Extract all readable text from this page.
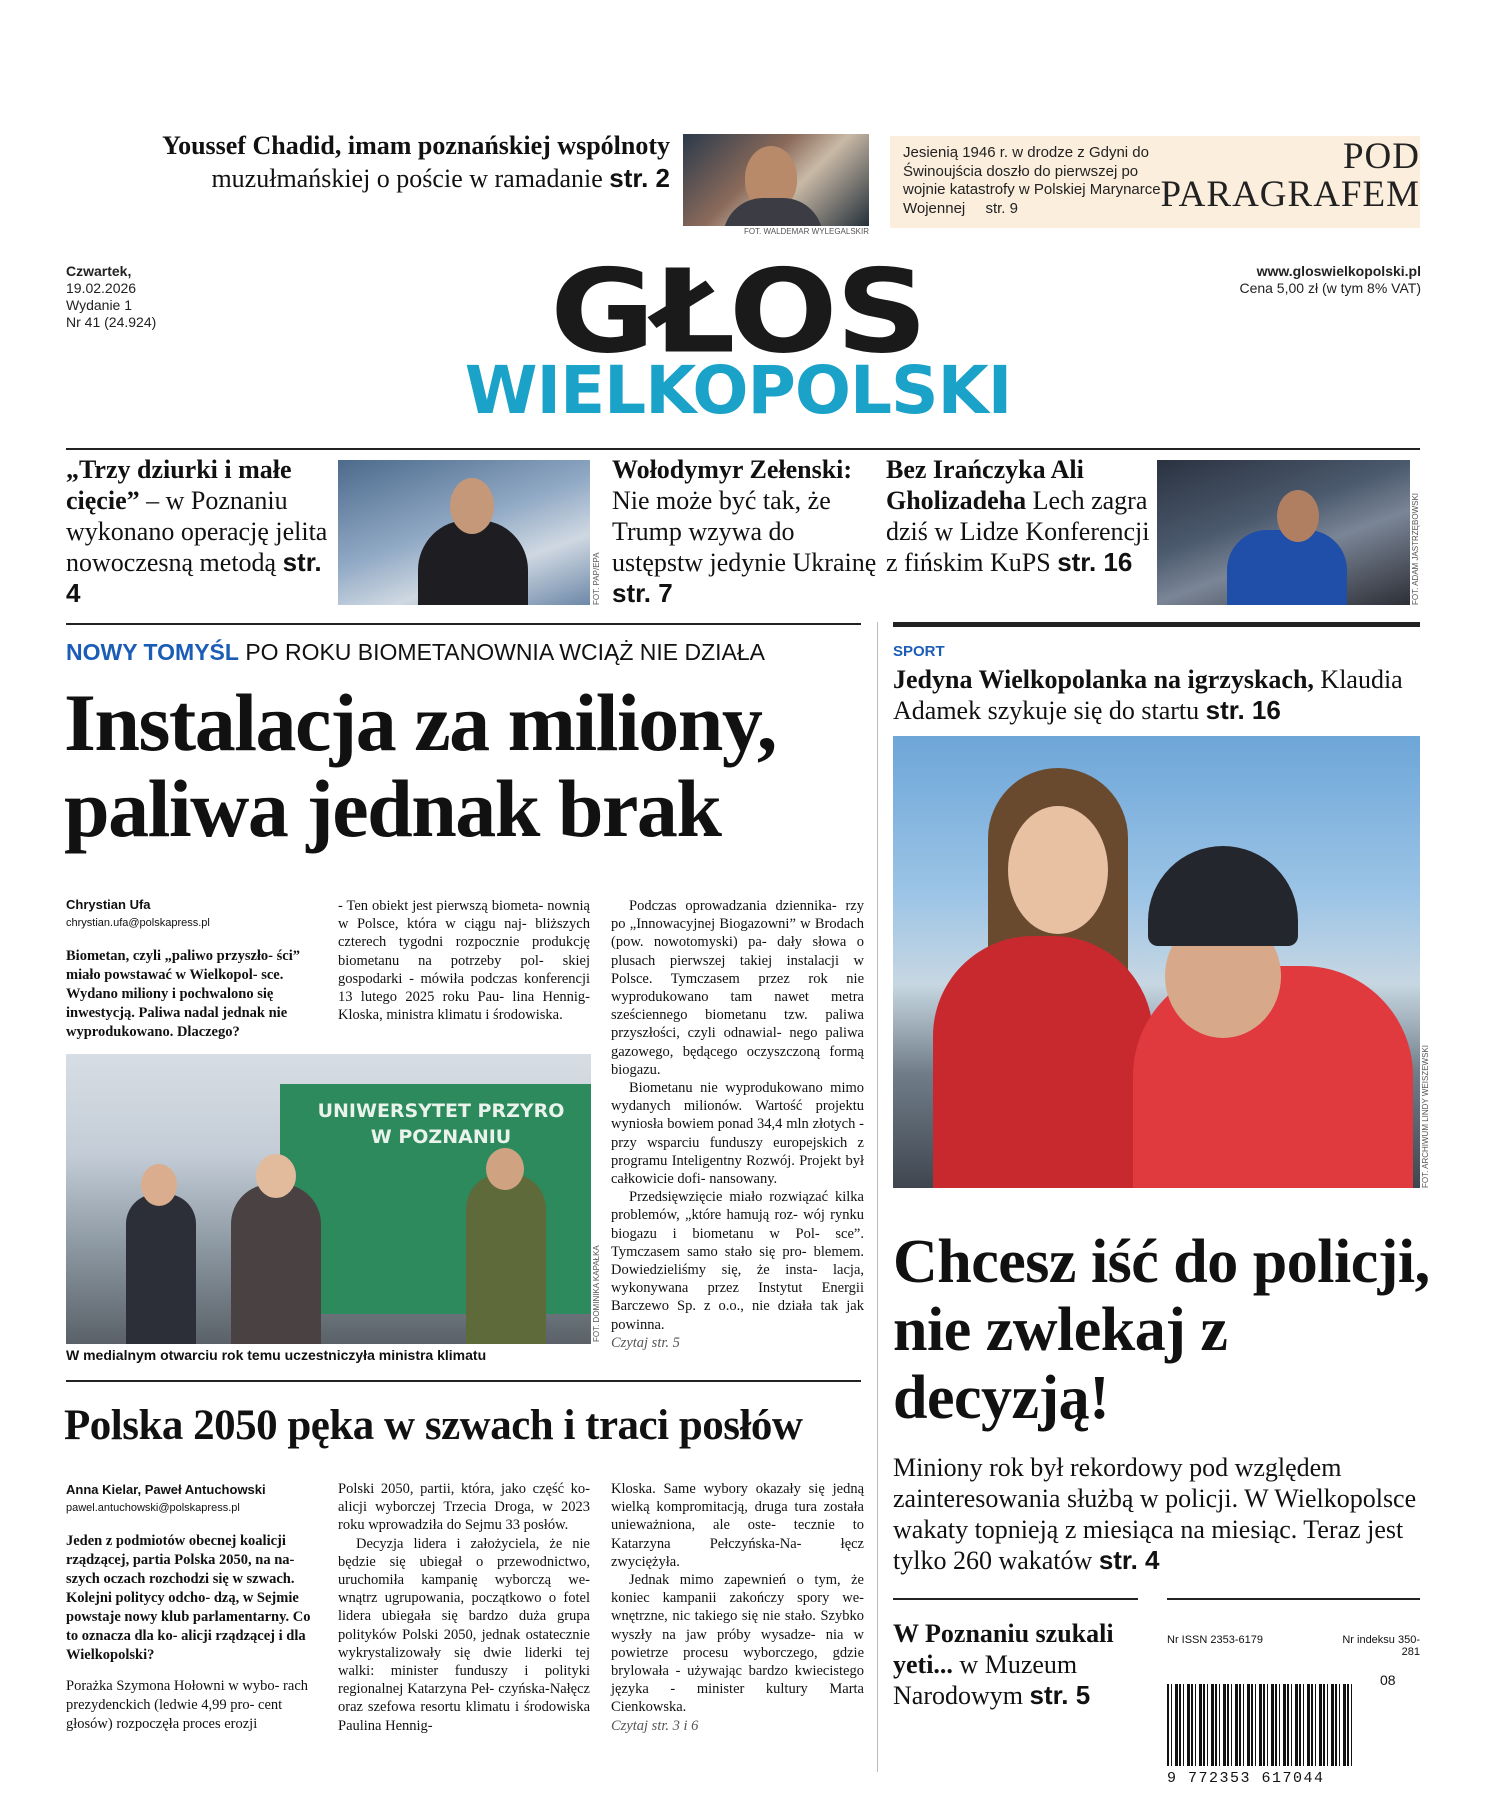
Youssef Chadid, imam poznańskiej wspólnoty
muzułmańskiej o poście w ramadanie str. 2
FOT. WALDEMAR WYLEGALSKIR
Jesienią 1946 r. w drodze z Gdyni do Świnoujścia doszło do pierwszej po wojnie katastrofy w Polskiej Marynarce Wojennej str. 9
POD
PARAGRAFEM
Czwartek,
19.02.2026
Wydanie 1
Nr 41 (24.924)
www.gloswielkopolski.pl
Cena 5,00 zł (w tym 8% VAT)
GŁOS
WIELKOPOLSKI
„Trzy dziurki i małe cięcie” – w Poznaniu wykonano operację jelita nowoczesną metodą str. 4	FOT. PAP/EPA
Wołodymyr Zełenski: Nie może być tak, że Trump wzywa do ustępstw jedynie Ukrainę str. 7
Bez Irańczyka Ali Gholizadeha Lech zagra dziś w Lidze Konferencji z fińskim KuPS str. 16	FOT. ADAM JASTRZĘBOWSKI
NOWY TOMYŚL PO ROKU BIOMETANOWNIA WCIĄŻ NIE DZIAŁA
Instalacja za miliony, paliwa jednak brak
Chrystian Ufa
chrystian.ufa@polskapress.pl
Biometan, czyli „paliwo przyszło- ści” miało powstawać w Wielkopol- sce. Wydano miliony i pochwalono się inwestycją. Paliwa nadal jednak nie wyprodukowano. Dlaczego?
- Ten obiekt jest pierwszą biometa- nownią w Polsce, która w ciągu naj- bliższych czterech tygodni rozpocznie produkcję biometanu na potrzeby pol- skiej gospodarki - mówiła podczas konferencji 13 lutego 2025 roku Pau- lina Hennig-Kloska, ministra klimatu i środowiska.

Podczas oprowadzania dziennika- rzy po „Innowacyjnej Biogazowni” w Brodach (pow. nowotomyski) pa- dały słowa o plusach pierwszej takiej instalacji w Polsce. Tymczasem przez rok nie wyprodukowano tam nawet metra sześciennego biometanu tzw. paliwa przyszłości, czyli odnawial- nego paliwa gazowego, będącego oczyszczoną formą biogazu.

Biometanu nie wyprodukowano mimo wydanych milionów. Wartość projektu wyniosła bowiem ponad 34,4 mln złotych - przy wsparciu funduszy europejskich z programu Inteligentny Rozwój. Projekt był całkowicie dofi- nansowany.

Przedsięwzięcie miało rozwiązać kilka problemów, „które hamują roz- wój rynku biogazu i biometanu w Pol- sce”. Tymczasem samo stało się pro- blemem. Dowiedzieliśmy się, że insta- lacja, wykonywana przez Instytut Energii Barczewo Sp. z o.o., nie działa tak jak powinna.

Czytaj str. 5

UNIWERSYTET PRZYRO
W POZNANIU
FOT. DOMINIKA KAPAŁKA
W medialnym otwarciu rok temu uczestniczyła ministra klimatu
Polska 2050 pęka w szwach i traci posłów
Anna Kielar, Paweł Antuchowski
pawel.antuchowski@polskapress.pl

Jeden z podmiotów obecnej koalicji rządzącej, partia Polska 2050, na na- szych oczach rozchodzi się w szwach. Kolejni politycy odcho- dzą, w Sejmie powstaje nowy klub parlamentarny. Co to oznacza dla ko- alicji rządzącej i dla Wielkopolski?

Porażka Szymona Hołowni w wybo- rach prezydenckich (ledwie 4,99 pro- cent głosów) rozpoczęła proces erozji

Polski 2050, partii, która, jako część ko- alicji wyborczej Trzecia Droga, w 2023 roku wprowadziła do Sejmu 33 posłów.

Decyzja lidera i założyciela, że nie będzie się ubiegał o przewodnictwo, uruchomiła kampanię wyborczą we- wnątrz ugrupowania, początkowo o fotel lidera ubiegała się bardzo duża grupa polityków Polski 2050, jednak ostatecznie wykrystalizowały się dwie liderki tej walki: minister funduszy i polityki regionalnej Katarzyna Peł- czyńska-Nałęcz oraz szefowa resortu klimatu i środowiska Paulina Hennig-

Kloska. Same wybory okazały się jedną wielką kompromitacją, druga tura została unieważniona, ale oste- tecznie to Katarzyna Pełczyńska-Na- łęcz zwyciężyła.

Jednak mimo zapewnień o tym, że koniec kampanii zakończy spory we- wnętrzne, nic takiego się nie stało. Szybko wyszły na jaw próby wysadze- nia w powietrze procesu wyborczego, gdzie brylowała - używając bardzo kwiecistego języka - minister kultury Marta Cienkowska.

Czytaj str. 3 i 6

SPORT
Jedyna Wielkopolanka na igrzyskach, Klaudia Adamek szykuje się do startu str. 16
FOT. ARCHIWUM LINDY WEISZEWSKI
Chcesz iść do policji, nie zwlekaj z decyzją!
Miniony rok był rekordowy pod względem zainteresowania służbą w policji. W Wielkopolsce wakaty topnieją z miesiąca na miesiąc. Teraz jest tylko 260 wakatów str. 4
W Poznaniu szukali yeti... w Muzeum Narodowym str. 5
Nr ISSN 2353-6179	Nr indeksu 350-281
08
9 772353 617044
